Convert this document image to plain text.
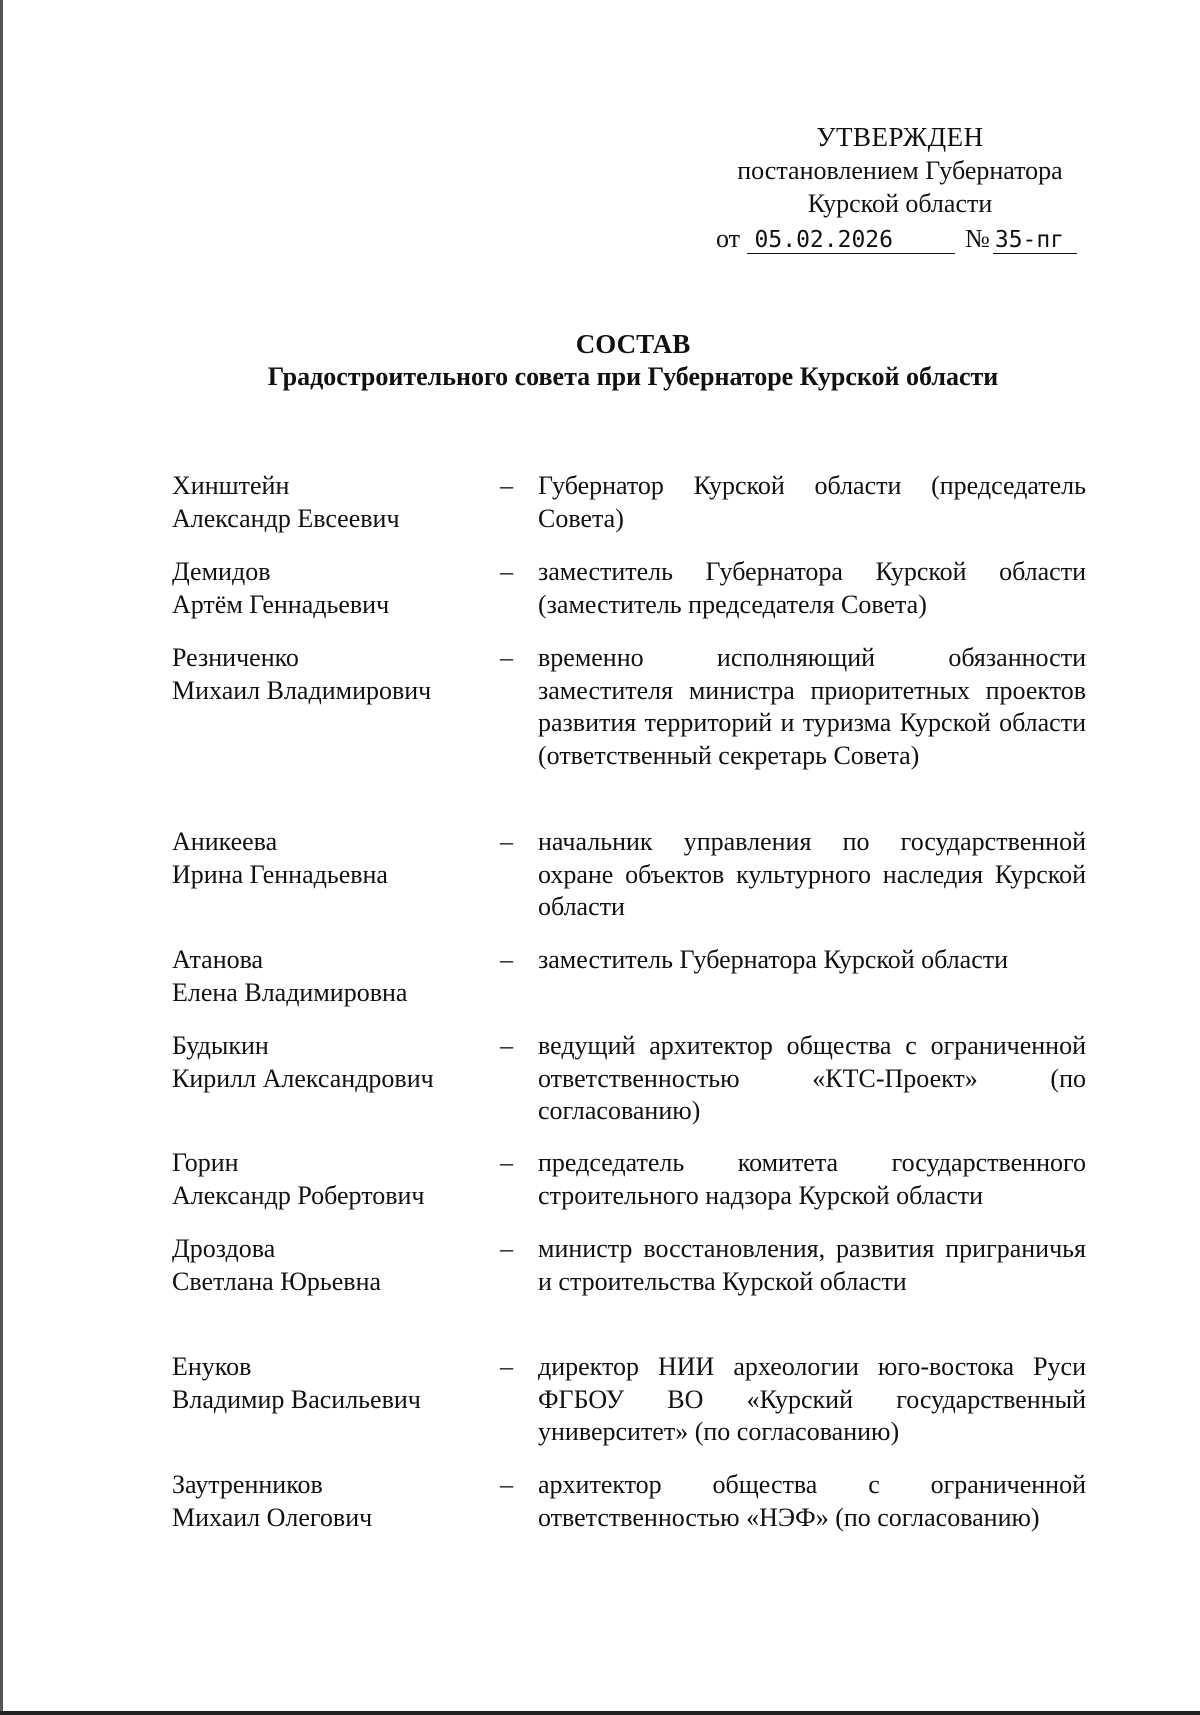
УТВЕРЖДЕН
постановлением Губернатора
Курской области
от 05.02.2026	№ 35-пг
СОСТАВ
Градостроительного совета при Губернаторе Курской области
Хинштейн
Александр Евсеевич
– Губернатор Курской области (председатель Совета)
Демидов
Артём Геннадьевич
– заместитель Губернатора Курской области (заместитель председателя Совета)
Резниченко
Михаил Владимирович
– временно исполняющий обязанности заместителя министра приоритетных проектов развития территорий и туризма Курской области (ответственный секретарь Совета)
Аникеева
Ирина Геннадьевна
– начальник управления по государственной охране объектов культурного наследия Курской области
Атанова
Елена Владимировна
– заместитель Губернатора Курской области
Будыкин
Кирилл Александрович
– ведущий архитектор общества с ограниченной ответственностью «КТС-Проект» (по согласованию)
Горин
Александр Робертович
– председатель комитета государственного строительного надзора Курской области
Дроздова
Светлана Юрьевна
– министр восстановления, развития приграничья и строительства Курской области
Енуков
Владимир Васильевич
– директор НИИ археологии юго-востока Руси ФГБОУ ВО «Курский государственный университет» (по согласованию)
Заутренников
Михаил Олегович
– архитектор общества с ограниченной ответственностью «НЭФ» (по согласованию)
